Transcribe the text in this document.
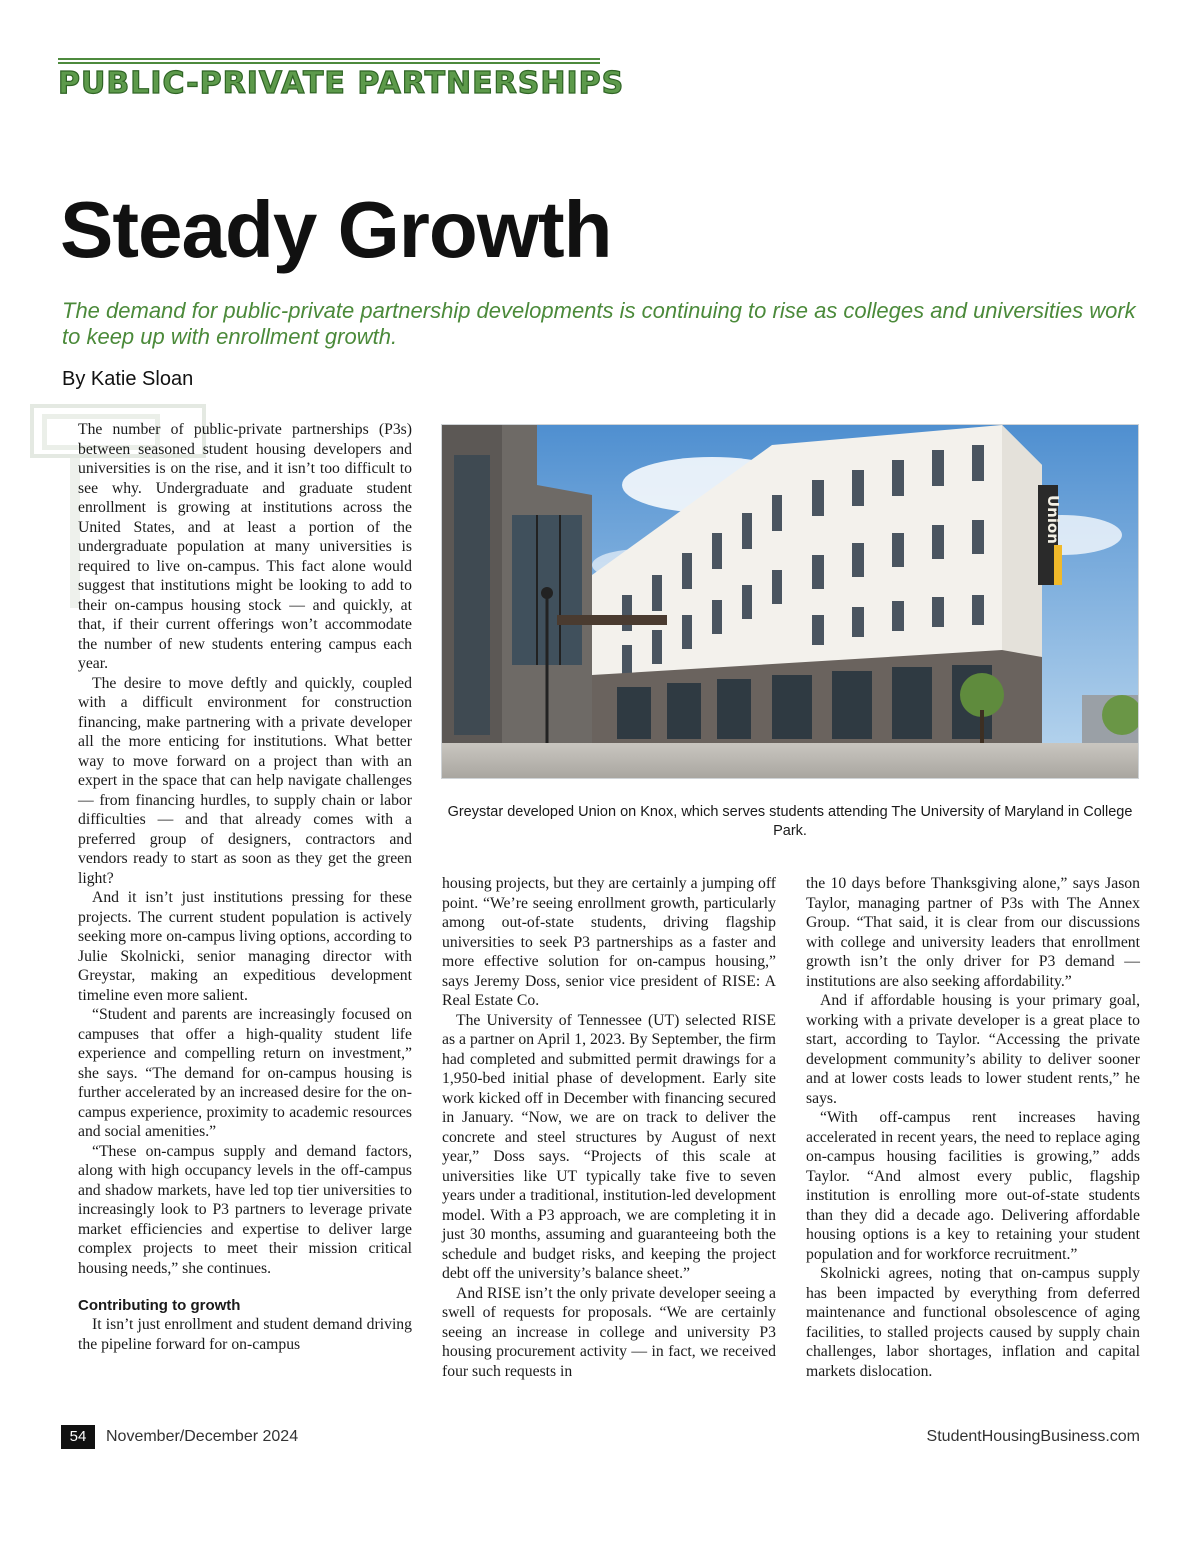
PUBLIC-PRIVATE PARTNERSHIPS
Steady Growth

The demand for public-private partnership developments is continuing to rise as colleges and universities work to keep up with enrollment growth.

By Katie Sloan

The number of public-private partnerships (P3s) between seasoned student housing developers and universities is on the rise, and it isn’t too difficult to see why. Undergraduate and graduate student enrollment is growing at institutions across the United States, and at least a portion of the undergraduate population at many universities is required to live on-campus. This fact alone would suggest that institutions might be looking to add to their on-campus housing stock — and quickly, at that, if their current offerings won’t accommodate the number of new students entering campus each year.

The desire to move deftly and quickly, coupled with a difficult environment for construction financing, make partnering with a private developer all the more enticing for institutions. What better way to move forward on a project than with an expert in the space that can help navigate challenges — from financing hurdles, to supply chain or labor difficulties — and that already comes with a preferred group of designers, contractors and vendors ready to start as soon as they get the green light?

And it isn’t just institutions pressing for these projects. The current student population is actively seeking more on-campus living options, according to Julie Skolnicki, senior managing director with Greystar, making an expeditious development timeline even more salient.

“Student and parents are increasingly focused on campuses that offer a high-quality student life experience and compelling return on investment,” she says. “The demand for on-campus housing is further accelerated by an increased desire for the on-campus experience, proximity to academic resources and social amenities.”

“These on-campus supply and demand factors, along with high occupancy levels in the off-campus and shadow markets, have led top tier universities to increasingly look to P3 partners to leverage private market efficiencies and expertise to deliver large complex projects to meet their mission critical housing needs,” she continues.

Contributing to growth

It isn’t just enrollment and student demand driving the pipeline forward for on-campus

Union

Greystar developed Union on Knox, which serves students attending The University of Maryland in College Park.

housing projects, but they are certainly a jumping off point. “We’re seeing enrollment growth, particularly among out-of-state students, driving flagship universities to seek P3 partnerships as a faster and more effective solution for on-campus housing,” says Jeremy Doss, senior vice president of RISE: A Real Estate Co.

The University of Tennessee (UT) selected RISE as a partner on April 1, 2023. By September, the firm had completed and submitted permit drawings for a 1,950-bed initial phase of development. Early site work kicked off in December with financing secured in January. “Now, we are on track to deliver the concrete and steel structures by August of next year,” Doss says. “Projects of this scale at universities like UT typically take five to seven years under a traditional, institution-led development model. With a P3 approach, we are completing it in just 30 months, assuming and guaranteeing both the schedule and budget risks, and keeping the project debt off the university’s balance sheet.”

And RISE isn’t the only private developer seeing a swell of requests for proposals. “We are certainly seeing an increase in college and university P3 housing procurement activity — in fact, we received four such requests in

the 10 days before Thanksgiving alone,” says Jason Taylor, managing partner of P3s with The Annex Group. “That said, it is clear from our discussions with college and university leaders that enrollment growth isn’t the only driver for P3 demand — institutions are also seeking affordability.”

And if affordable housing is your primary goal, working with a private developer is a great place to start, according to Taylor. “Accessing the private development community’s ability to deliver sooner and at lower costs leads to lower student rents,” he says.

“With off-campus rent increases having accelerated in recent years, the need to replace aging on-campus housing facilities is growing,” adds Taylor. “And almost every public, flagship institution is enrolling more out-of-state students than they did a decade ago. Delivering affordable housing options is a key to retaining your student population and for workforce recruitment.”

Skolnicki agrees, noting that on-campus supply has been impacted by everything from deferred maintenance and functional obsolescence of aging facilities, to stalled projects caused by supply chain challenges, labor shortages, inflation and capital markets dislocation.

54	November/December 2024	StudentHousingBusiness.com
